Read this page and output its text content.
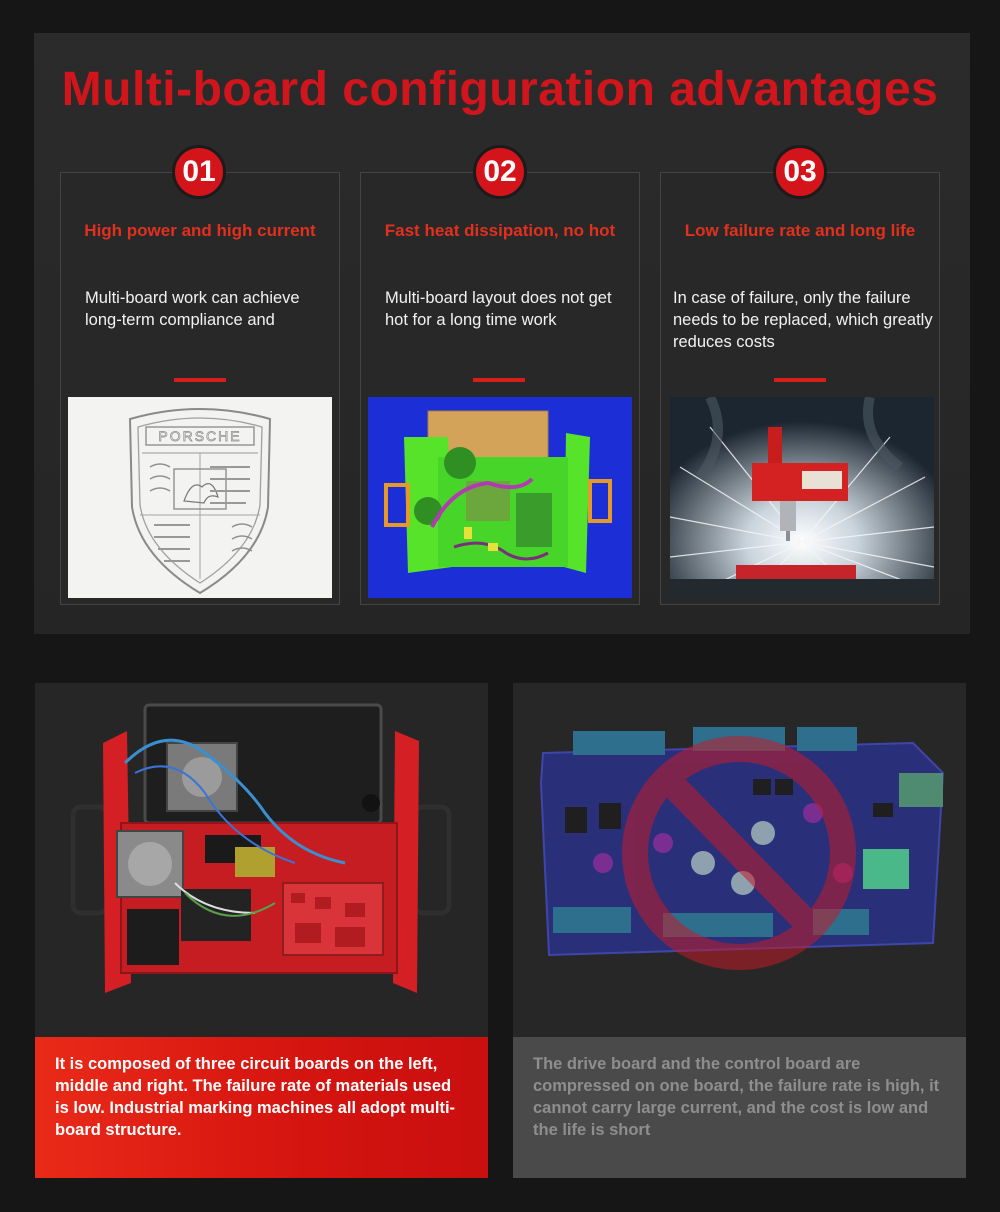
Multi-board configuration advantages
01
High power and high current
Multi-board work can achieve long-term compliance and
PORSCHE
02
Fast heat dissipation, no hot
Multi-board layout does not get hot for a long time work
03
Low failure rate and long life
In case of failure, only the failure needs to be replaced, which greatly reduces costs
It is composed of three circuit boards on the left, middle and right. The failure rate of materials used is low. Industrial marking machines all adopt multi-board structure.
The drive board and the control board are compressed on one board, the failure rate is high, it cannot carry large current, and the cost is low and the life is short
